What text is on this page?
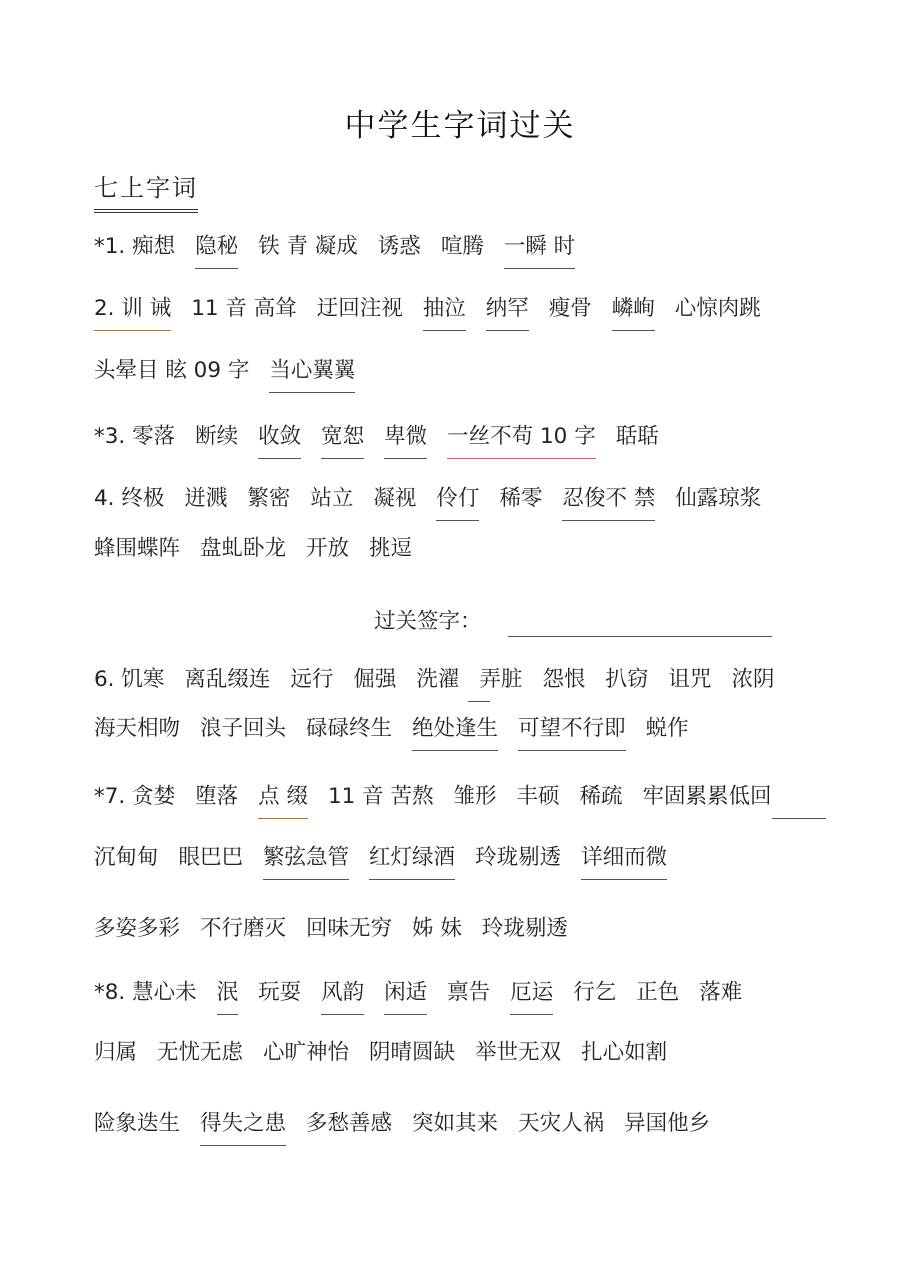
中学生字词过关
七上字词
*1. 痴想 隐秘 铁 青 凝成 诱惑 喧腾 一瞬 时
2. 训 诫 11 音 高耸 迂回注视 抽泣 纳罕 瘦骨 嶙峋 心惊肉跳
头晕目 眩 09 字 当心翼翼
*3. 零落 断续 收敛 宽恕 卑微 一丝不苟 10 字 聒聒
4. 终极 迸溅 繁密 站立 凝视 伶仃 稀零 忍俊不 禁 仙露琼浆
蜂围蝶阵 盘虬卧龙 开放 挑逗
6. 饥寒 离乱缀连 远行 倔强 洗濯 弄脏 怨恨 扒窃 诅咒 浓阴
海天相吻 浪子回头 碌碌终生 绝处逢生 可望不行即 蜕作
*7. 贪婪 堕落 点 缀 11 音 苦熬 雏形 丰硕 稀疏 牢固累累低回
沉甸甸 眼巴巴 繁弦急管 红灯绿酒 玲珑剔透 详细而微
多姿多彩 不行磨灭 回味无穷 姊 妹 玲珑剔透
*8. 慧心未 泯 玩耍 风韵 闲适 禀告 厄运 行乞 正色 落难
归属 无忧无虑 心旷神怡 阴晴圆缺 举世无双 扎心如割
险象迭生 得失之患 多愁善感 突如其来 天灾人祸 异国他乡
过关签字：
